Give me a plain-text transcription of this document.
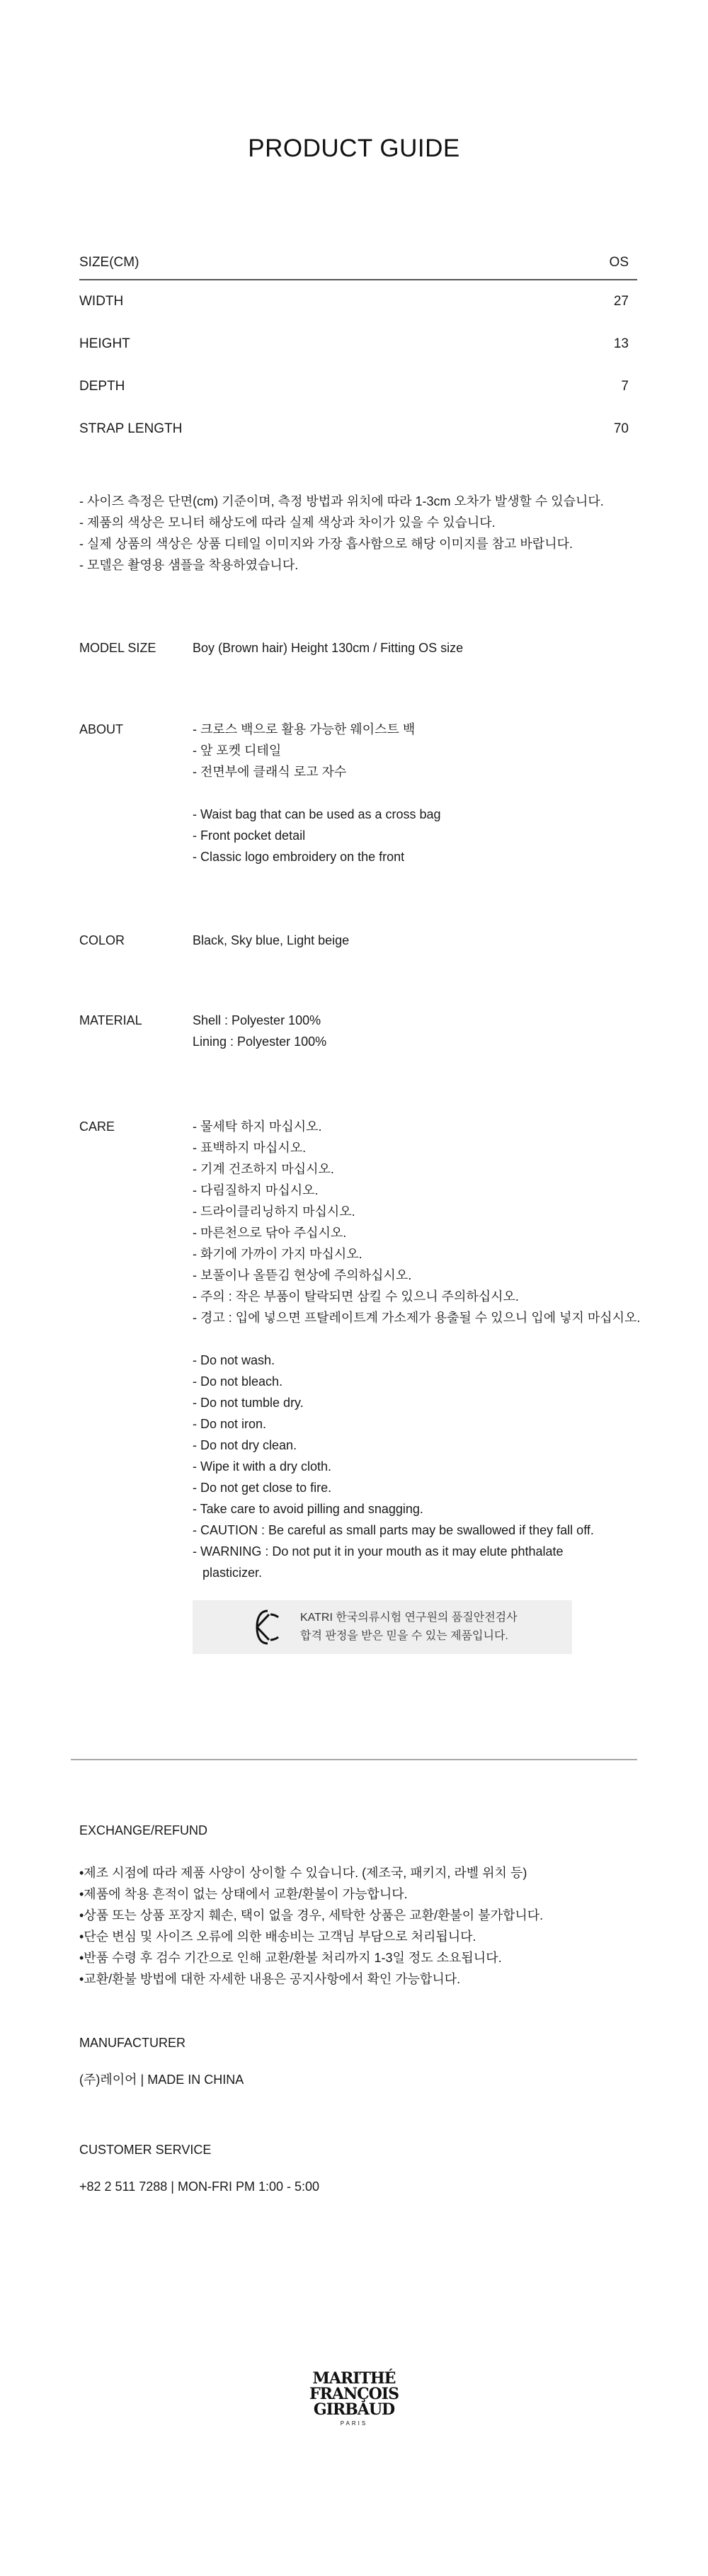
PRODUCT GUIDE
SIZE(CM)	OS
WIDTH	27
HEIGHT	13
DEPTH	7
STRAP LENGTH	70
- 사이즈 측정은 단면(cm) 기준이며, 측정 방법과 위치에 따라 1-3cm 오차가 발생할 수 있습니다.
- 제품의 색상은 모니터 해상도에 따라 실제 색상과 차이가 있을 수 있습니다.
- 실제 상품의 색상은 상품 디테일 이미지와 가장 흡사함으로 해당 이미지를 참고 바랍니다.
- 모델은 촬영용 샘플을 착용하였습니다.
MODEL SIZE	Boy (Brown hair) Height 130cm / Fitting OS size
ABOUT	- 크로스 백으로 활용 가능한 웨이스트 백
- 앞 포켓 디테일
- 전면부에 클래식 로고 자수
- Waist bag that can be used as a cross bag
- Front pocket detail
- Classic logo embroidery on the front
COLOR	Black, Sky blue, Light beige
MATERIAL	Shell : Polyester 100%
Lining : Polyester 100%
CARE	- 물세탁 하지 마십시오.
- 표백하지 마십시오.
- 기계 건조하지 마십시오.
- 다림질하지 마십시오.
- 드라이클리닝하지 마십시오.
- 마른천으로 닦아 주십시오.
- 화기에 가까이 가지 마십시오.
- 보풀이나 올뜯김 현상에 주의하십시오.
- 주의 : 작은 부품이 탈락되면 삼킬 수 있으니 주의하십시오.
- 경고 : 입에 넣으면 프탈레이트계 가소제가 용출될 수 있으니 입에 넣지 마십시오.
- Do not wash.
- Do not bleach.
- Do not tumble dry.
- Do not iron.
- Do not dry clean.
- Wipe it with a dry cloth.
- Do not get close to fire.
- Take care to avoid pilling and snagging.
- CAUTION : Be careful as small parts may be swallowed if they fall off.
- WARNING : Do not put it in your mouth as it may elute phthalate
plasticizer.
KATRI 한국의류시험 연구원의 품질안전검사
합격 판정을 받은 믿을 수 있는 제품입니다.
EXCHANGE/REFUND
•제조 시점에 따라 제품 사양이 상이할 수 있습니다. (제조국, 패키지, 라벨 위치 등)
•제품에 착용 흔적이 없는 상태에서 교환/환불이 가능합니다.
•상품 또는 상품 포장지 훼손, 택이 없을 경우, 세탁한 상품은 교환/환불이 불가합니다.
•단순 변심 및 사이즈 오류에 의한 배송비는 고객님 부담으로 처리됩니다.
•반품 수령 후 검수 기간으로 인해 교환/환불 처리까지 1-3일 정도 소요됩니다.
•교환/환불 방법에 대한 자세한 내용은 공지사항에서 확인 가능합니다.
MANUFACTURER
(주)레이어 | MADE IN CHINA
CUSTOMER SERVICE
+82 2 511 7288 | MON-FRI PM 1:00 - 5:00
MARITHÉ
FRANÇOIS
GIRBAUD
PARIS
